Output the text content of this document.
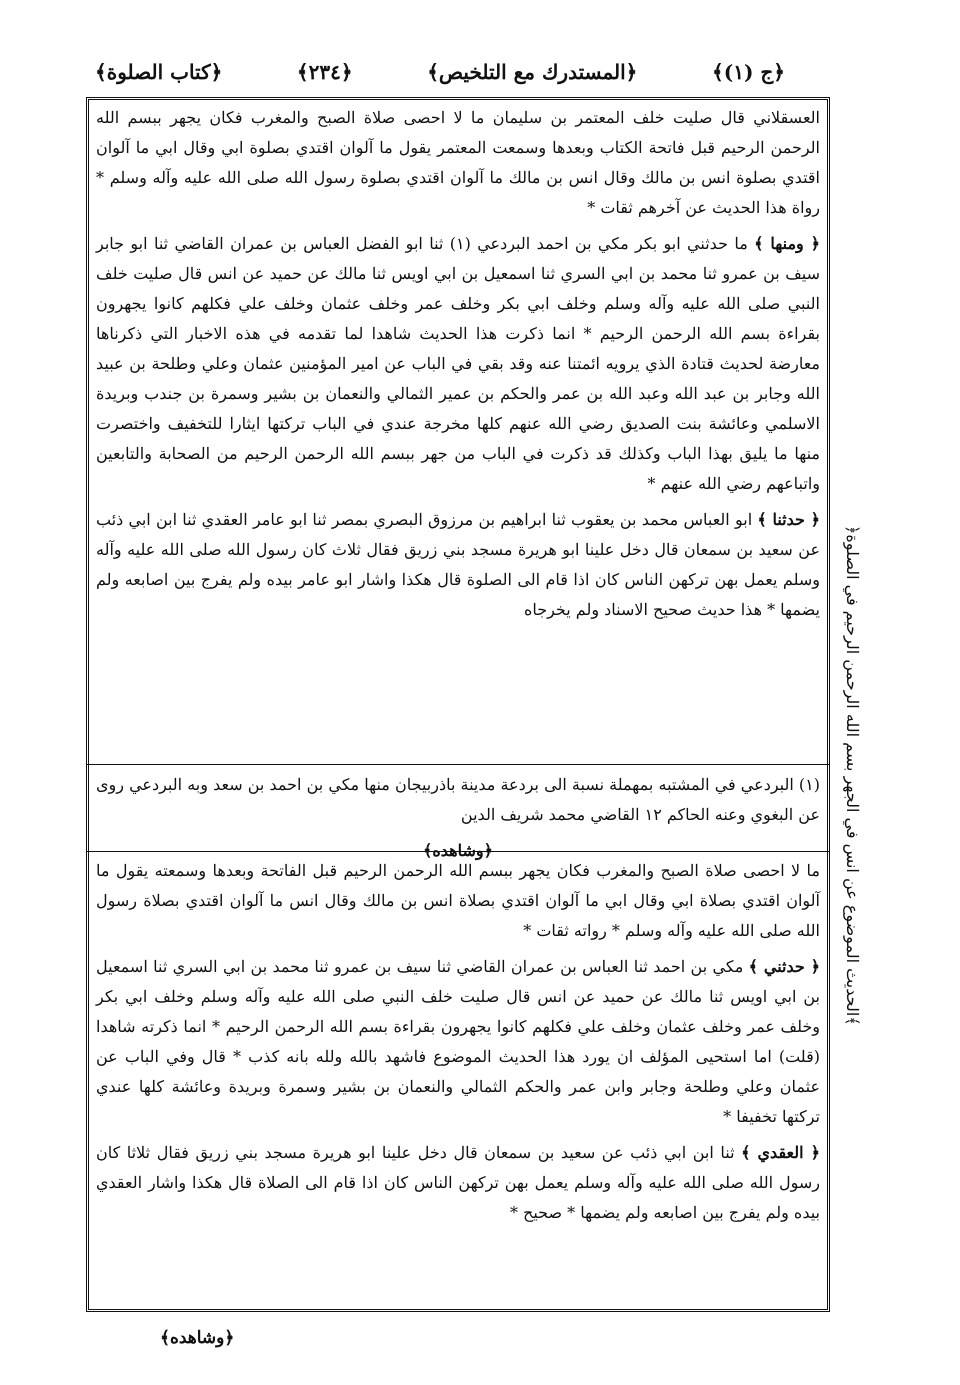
﴿ج (١)﴾
﴿المستدرك مع التلخيص﴾
﴿٢٣٤﴾
﴿كتاب الصلوة﴾
﴿الحديث الموضوع عن انس في الجهر بسم الله الرحمن الرحيم في الصلوة﴾

العسقلاني قال صليت خلف المعتمر بن سليمان ما لا احصى صلاة الصبح والمغرب فكان يجهر ببسم الله الرحمن الرحيم قبل فاتحة الكتاب وبعدها وسمعت المعتمر يقول ما آلوان اقتدي بصلوة ابي وقال ابي ما آلوان اقتدي بصلوة انس بن مالك وقال انس بن مالك ما آلوان اقتدي بصلوة رسول الله صلى الله عليه وآله وسلم * رواة هذا الحديث عن آخرهم ثقات *

﴿ ومنها ﴾ ما حدثني ابو بكر مكي بن احمد البردعي (١) ثنا ابو الفضل العباس بن عمران القاضي ثنا ابو جابر سيف بن عمرو ثنا محمد بن ابي السري ثنا اسمعيل بن ابي اويس ثنا مالك عن حميد عن انس قال صليت خلف النبي صلى الله عليه وآله وسلم وخلف ابي بكر وخلف عمر وخلف عثمان وخلف علي فكلهم كانوا يجهرون بقراءة بسم الله الرحمن الرحيم * انما ذكرت هذا الحديث شاهدا لما تقدمه في هذه الاخبار التي ذكرناها معارضة لحديث قتادة الذي يرويه ائمتنا عنه وقد بقي في الباب عن امير المؤمنين عثمان وعلي وطلحة بن عبيد الله وجابر بن عبد الله وعبد الله بن عمر والحكم بن عمير الثمالي والنعمان بن بشير وسمرة بن جندب وبريدة الاسلمي وعائشة بنت الصديق رضي الله عنهم كلها مخرجة عندي في الباب تركتها ايثارا للتخفيف واختصرت منها ما يليق بهذا الباب وكذلك قد ذكرت في الباب من جهر ببسم الله الرحمن الرحيم من الصحابة والتابعين واتباعهم رضي الله عنهم *

﴿ حدثنا ﴾ ابو العباس محمد بن يعقوب ثنا ابراهيم بن مرزوق البصري بمصر ثنا ابو عامر العقدي ثنا ابن ابي ذئب عن سعيد بن سمعان قال دخل علينا ابو هريرة مسجد بني زريق فقال ثلاث كان رسول الله صلى الله عليه وآله وسلم يعمل بهن تركهن الناس كان اذا قام الى الصلوة قال هكذا واشار ابو عامر بيده ولم يفرج بين اصابعه ولم يضمها * هذا حديث صحيح الاسناد ولم يخرجاه

(١) البردعي في المشتبه بمهملة نسبة الى بردعة مدينة باذربيجان منها مكي بن احمد بن سعد وبه البردعي روى عن البغوي وعنه الحاكم ١٢ القاضي محمد شريف الدين

﴿وشاهده﴾

ما لا احصى صلاة الصبح والمغرب فكان يجهر ببسم الله الرحمن الرحيم قبل الفاتحة وبعدها وسمعته يقول ما آلوان اقتدي بصلاة ابي وقال ابي ما آلوان اقتدي بصلاة انس بن مالك وقال انس ما آلوان اقتدي بصلاة رسول الله صلى الله عليه وآله وسلم * رواته ثقات *

﴿ حدثني ﴾ مكي بن احمد ثنا العباس بن عمران القاضي ثنا سيف بن عمرو ثنا محمد بن ابي السري ثنا اسمعيل بن ابي اويس ثنا مالك عن حميد عن انس قال صليت خلف النبي صلى الله عليه وآله وسلم وخلف ابي بكر وخلف عمر وخلف عثمان وخلف علي فكلهم كانوا يجهرون بقراءة بسم الله الرحمن الرحيم * انما ذكرته شاهدا (قلت) اما استحيى المؤلف ان يورد هذا الحديث الموضوع فاشهد بالله ولله بانه كذب * قال وفي الباب عن عثمان وعلي وطلحة وجابر وابن عمر والحكم الثمالي والنعمان بن بشير وسمرة وبريدة وعائشة كلها عندي تركتها تخفيفا *

﴿ العقدي ﴾ ثنا ابن ابي ذئب عن سعيد بن سمعان قال دخل علينا ابو هريرة مسجد بني زريق فقال ثلاثا كان رسول الله صلى الله عليه وآله وسلم يعمل بهن تركهن الناس كان اذا قام الى الصلاة قال هكذا واشار العقدي بيده ولم يفرج بين اصابعه ولم يضمها * صحيح *

﴿وشاهده﴾
